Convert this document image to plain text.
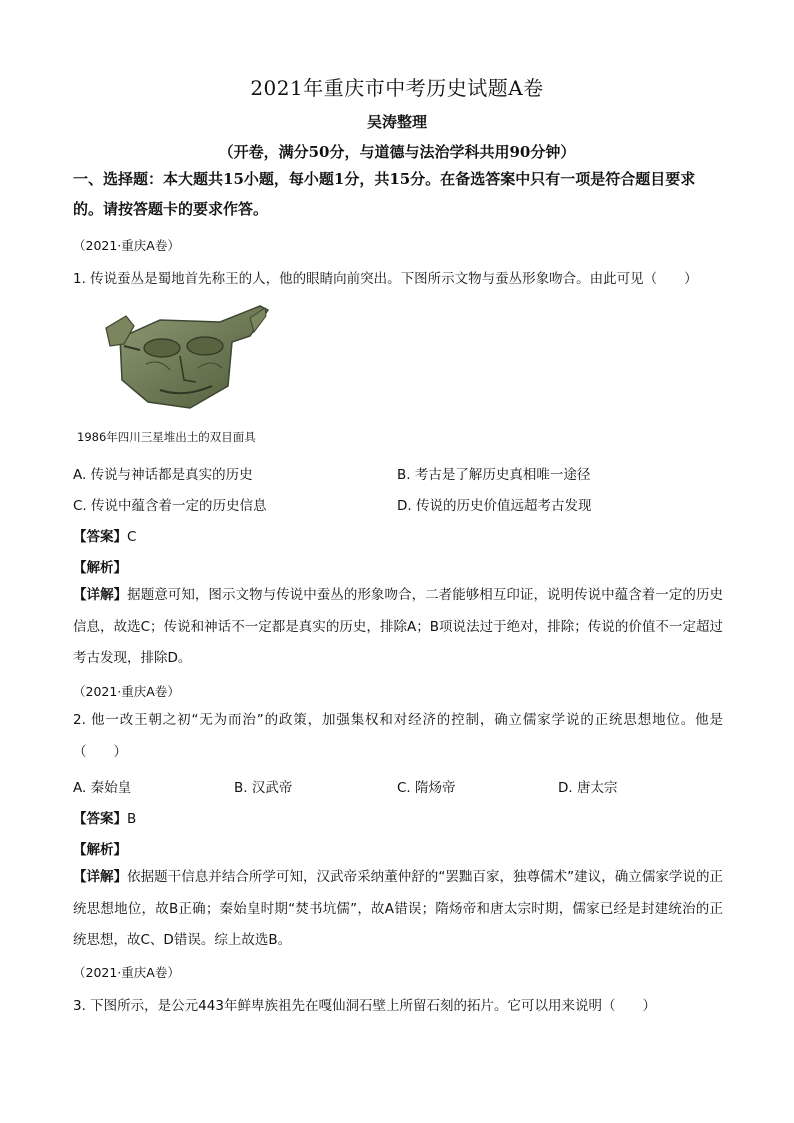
2021年重庆市中考历史试题A卷
吴涛整理
（开卷，满分50分，与道德与法治学科共用90分钟）
一、选择题：本大题共15小题，每小题1分，共15分。在备选答案中只有一项是符合题目要求的。请按答题卡的要求作答。
（2021·重庆A卷）
1. 传说蚕丛是蜀地首先称王的人，他的眼睛向前突出。下图所示文物与蚕丛形象吻合。由此可见（　　）
1986年四川三星堆出土的双目面具
A. 传说与神话都是真实的历史	B. 考古是了解历史真相唯一途径
C. 传说中蕴含着一定的历史信息	D. 传说的历史价值远超考古发现
【答案】C
【解析】
【详解】据题意可知，图示文物与传说中蚕丛的形象吻合，二者能够相互印证，说明传说中蕴含着一定的历史信息，故选C；传说和神话不一定都是真实的历史，排除A；B项说法过于绝对，排除；传说的价值不一定超过考古发现，排除D。
（2021·重庆A卷）
2. 他一改王朝之初“无为而治”的政策，加强集权和对经济的控制，确立儒家学说的正统思想地位。他是（　　）
A. 秦始皇	B. 汉武帝	C. 隋炀帝	D. 唐太宗
【答案】B
【解析】
【详解】依据题干信息并结合所学可知，汉武帝采纳董仲舒的“罢黜百家，独尊儒术”建议，确立儒家学说的正统思想地位，故B正确；秦始皇时期“焚书坑儒”，故A错误；隋炀帝和唐太宗时期，儒家已经是封建统治的正统思想，故C、D错误。综上故选B。
（2021·重庆A卷）
3. 下图所示，是公元443年鲜卑族祖先在嘎仙洞石壁上所留石刻的拓片。它可以用来说明（　　）
